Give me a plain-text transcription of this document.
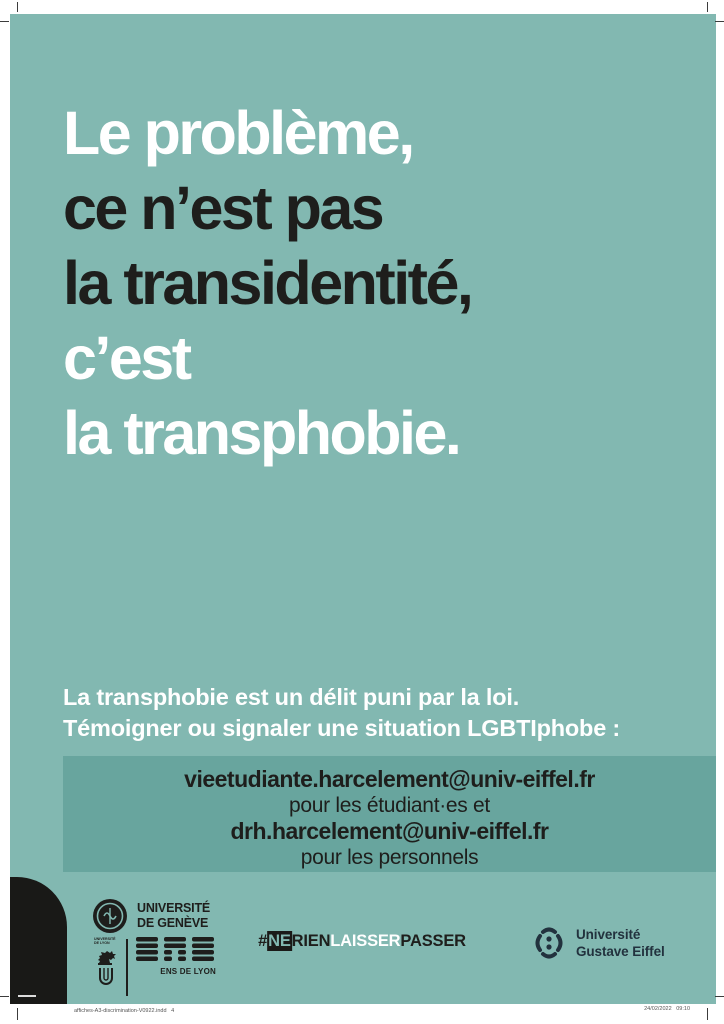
Le problème,
ce n’est pas
la transidentité,
c’est
la transphobie.
La transphobie est un délit puni par la loi.
Témoigner ou signaler une situation LGBTIphobe :
vieetudiante.harcelement@univ-eiffel.fr
pour les étudiant·es et
drh.harcelement@univ-eiffel.fr
pour les personnels
UNIVERSITÉ
DE GENÈVE
UNIVERSITÉ DE LYON
ENS DE LYON
#NERIENLAISSERPASSER	Université
Gustave Eiffel
affiches-A3-discrimination-V0922.indd   4	24/02/2022   09:10
